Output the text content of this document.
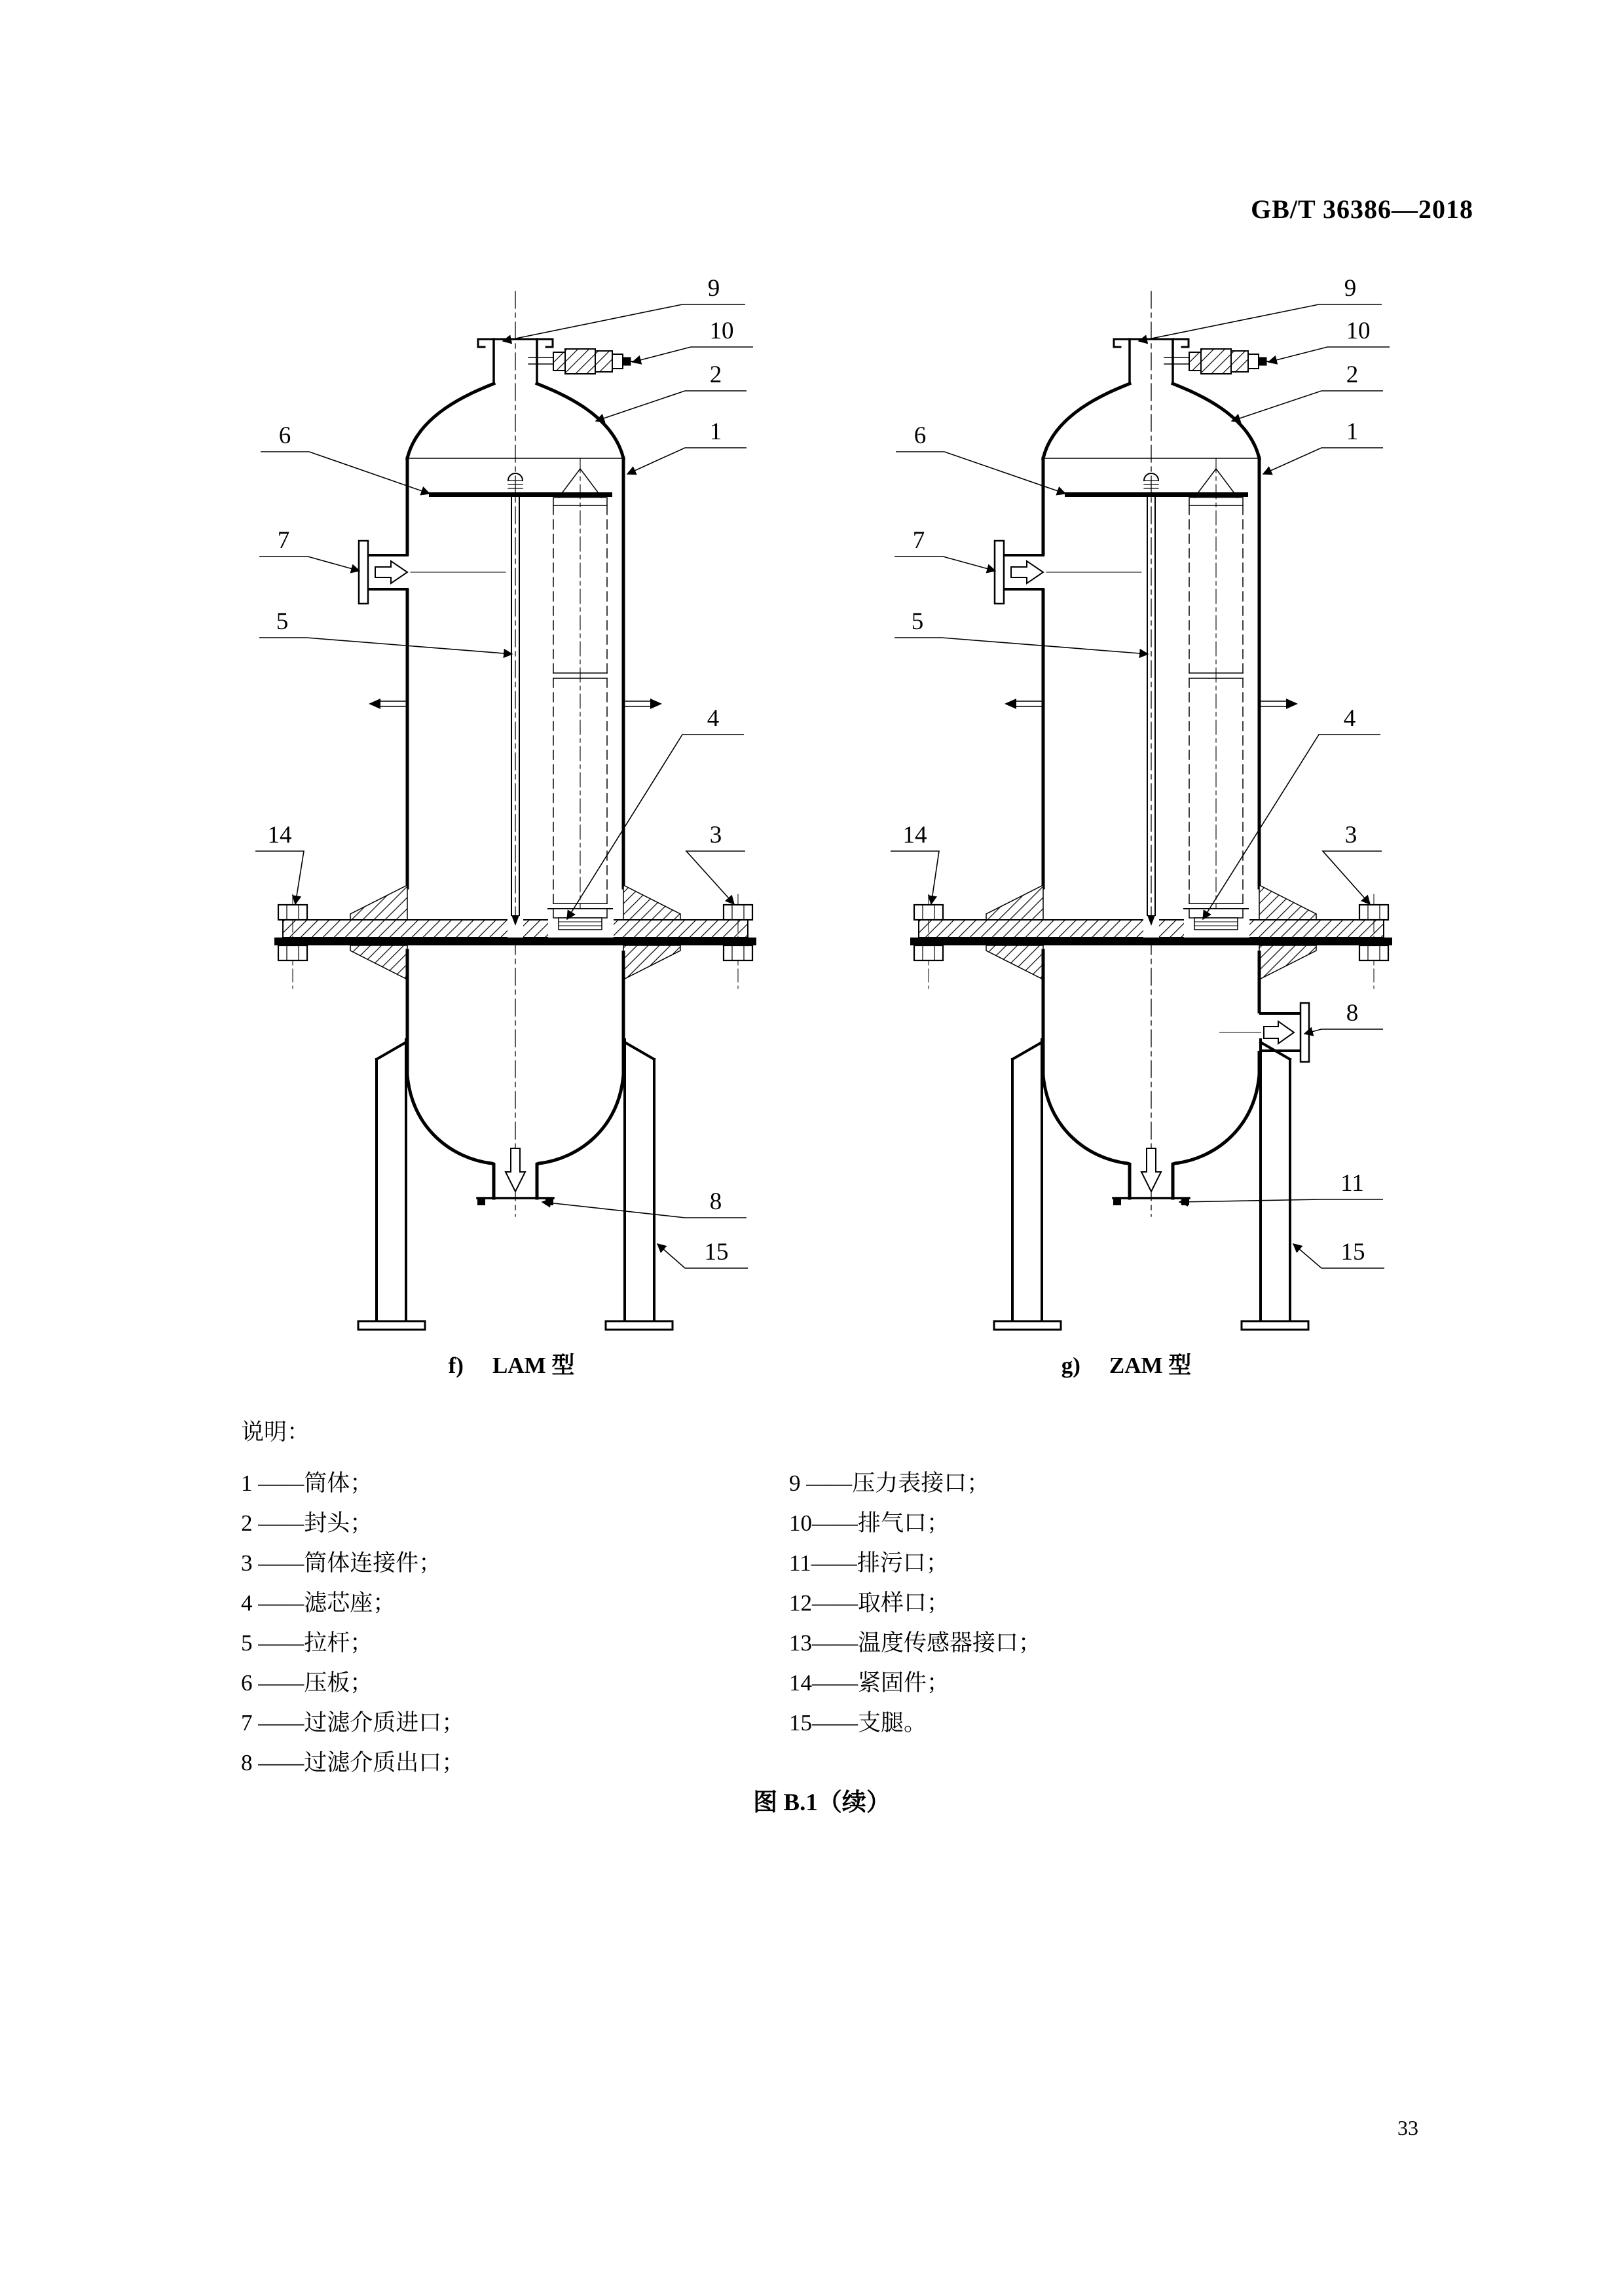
GB/T 36386—2018
9
10
2
1
6
7
5
4
14	3
8
15
9
10
2
1
6
7
5
4
14	3
8
11
15
f) LAM 型	g) ZAM 型
说明：
1 ——筒体；
2 ——封头；
3 ——筒体连接件；
4 ——滤芯座；
5 ——拉杆；
6 ——压板；
7 ——过滤介质进口；
8 ——过滤介质出口；
9 ——压力表接口；
10——排气口；
11——排污口；
12——取样口；
13——温度传感器接口；
14——紧固件；
15——支腿。
图 B.1（续）
33
